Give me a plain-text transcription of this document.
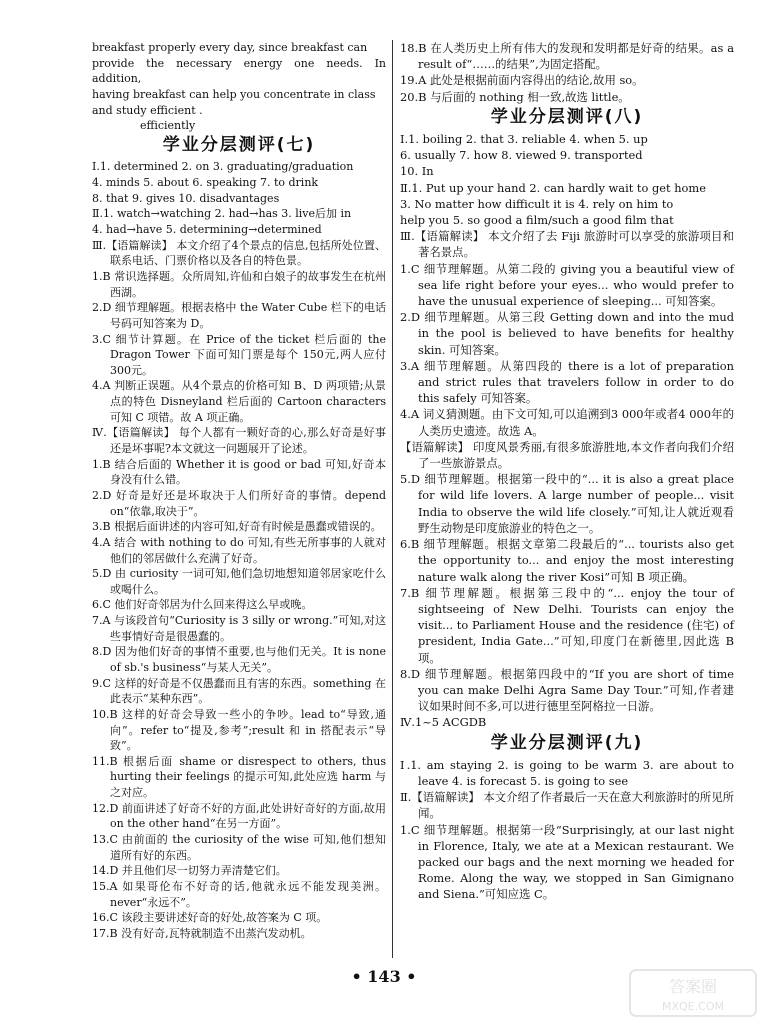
breakfast properly every day, since breakfast can

provide the necessary energy one needs. In addition,

having breakfast can help you concentrate in class

and study efficient .

efficiently

学业分层测评(七)

Ⅰ.1. determined 2. on 3. graduating/graduation

4. minds 5. about 6. speaking 7. to drink

8. that 9. gives 10. disadvantages

Ⅱ.1. watch→watching 2. had→has 3. live后加 in

4. had→have 5. determining→determined

Ⅲ.【语篇解读】 本文介绍了4个景点的信息,包括所处位置、联系电话、门票价格以及各自的特色景。

1.B 常识选择题。众所周知,许仙和白娘子的故事发生在杭州西湖。

2.D 细节理解题。根据表格中 the Water Cube 栏下的电话号码可知答案为 D。

3.C 细节计算题。在 Price of the ticket 栏后面的 the Dragon Tower 下面可知门票是每个 150元,两人应付300元。

4.A 判断正误题。从4个景点的价格可知 B、D 两项错;从景点的特色 Disneyland 栏后面的 Cartoon characters 可知 C 项错。故 A 项正确。

Ⅳ.【语篇解读】 每个人都有一颗好奇的心,那么好奇是好事还是坏事呢?本文就这一问题展开了论述。

1.B 结合后面的 Whether it is good or bad 可知,好奇本身没有什么错。

2.D 好奇是好还是坏取决于人们所好奇的事情。depend on“依靠,取决于”。

3.B 根据后面讲述的内容可知,好奇有时候是愚蠢或错误的。

4.A 结合 with nothing to do 可知,有些无所事事的人就对他们的邻居做什么充满了好奇。

5.D 由 curiosity 一词可知,他们急切地想知道邻居家吃什么或喝什么。

6.C 他们好奇邻居为什么回来得这么早或晚。

7.A 与该段首句“Curiosity is 3 silly or wrong.”可知,对这些事情好奇是很愚蠢的。

8.D 因为他们好奇的事情不重要,也与他们无关。It is none of sb.'s business“与某人无关”。

9.C 这样的好奇是不仅愚蠢而且有害的东西。something 在此表示“某种东西”。

10.B 这样的好奇会导致一些小的争吵。lead to“导致,通向”。refer to“提及,参考”;result 和 in 搭配表示“导致”。

11.B 根据后面 shame or disrespect to others, thus hurting their feelings 的提示可知,此处应选 harm 与之对应。

12.D 前面讲述了好奇不好的方面,此处讲好奇好的方面,故用 on the other hand“在另一方面”。

13.C 由前面的 the curiosity of the wise 可知,他们想知道所有好的东西。

14.D 并且他们尽一切努力弄清楚它们。

15.A 如果哥伦布不好奇的话,他就永远不能发现美洲。never“永远不”。

16.C 该段主要讲述好奇的好处,故答案为 C 项。

17.B 没有好奇,瓦特就制造不出蒸汽发动机。

18.B 在人类历史上所有伟大的发现和发明都是好奇的结果。as a result of“……的结果”,为固定搭配。

19.A 此处是根据前面内容得出的结论,故用 so。

20.B 与后面的 nothing 相一致,故选 little。

学业分层测评(八)

Ⅰ.1. boiling 2. that 3. reliable 4. when 5. up

6. usually 7. how 8. viewed 9. transported

10. In

Ⅱ.1. Put up your hand 2. can hardly wait to get home

3. No matter how difficult it is 4. rely on him to

help you 5. so good a film/such a good film that

Ⅲ.【语篇解读】 本文介绍了去 Fiji 旅游时可以享受的旅游项目和著名景点。

1.C 细节理解题。从第二段的 giving you a beautiful view of sea life right before your eyes... who would prefer to have the unusual experience of sleeping... 可知答案。

2.D 细节理解题。从第三段 Getting down and into the mud in the pool is believed to have benefits for healthy skin. 可知答案。

3.A 细节理解题。从第四段的 there is a lot of preparation and strict rules that travelers follow in order to do this safely 可知答案。

4.A 词义猜测题。由下文可知,可以追溯到3 000年或者4 000年的人类历史遗迹。故选 A。

【语篇解读】 印度风景秀丽,有很多旅游胜地,本文作者向我们介绍了一些旅游景点。

5.D 细节理解题。根据第一段中的“... it is also a great place for wild life lovers. A large number of people... visit India to observe the wild life closely.”可知,让人就近观看野生动物是印度旅游业的特色之一。

6.B 细节理解题。根据文章第二段最后的“... tourists also get the opportunity to... and enjoy the most interesting nature walk along the river Kosi”可知 B 项正确。

7.B 细节理解题。根据第三段中的“... enjoy the tour of sightseeing of New Delhi. Tourists can enjoy the visit... to Parliament House and the residence (住宅) of president, India Gate...”可知,印度门在新德里,因此选 B 项。

8.D 细节理解题。根据第四段中的“If you are short of time you can make Delhi Agra Same Day Tour.”可知,作者建议如果时间不多,可以进行德里至阿格拉一日游。

Ⅳ.1~5 ACGDB

学业分层测评(九)

Ⅰ.1. am staying 2. is going to be warm 3. are about to leave 4. is forecast 5. is going to see

Ⅱ.【语篇解读】 本文介绍了作者最后一天在意大利旅游时的所见所闻。

1.C 细节理解题。根据第一段“Surprisingly, at our last night in Florence, Italy, we ate at a Mexican restaurant. We packed our bags and the next morning we headed for Rome. Along the way, we stopped in San Gimignano and Siena.”可知应选 C。

• 143 •
答案圈
MXQE.COM
